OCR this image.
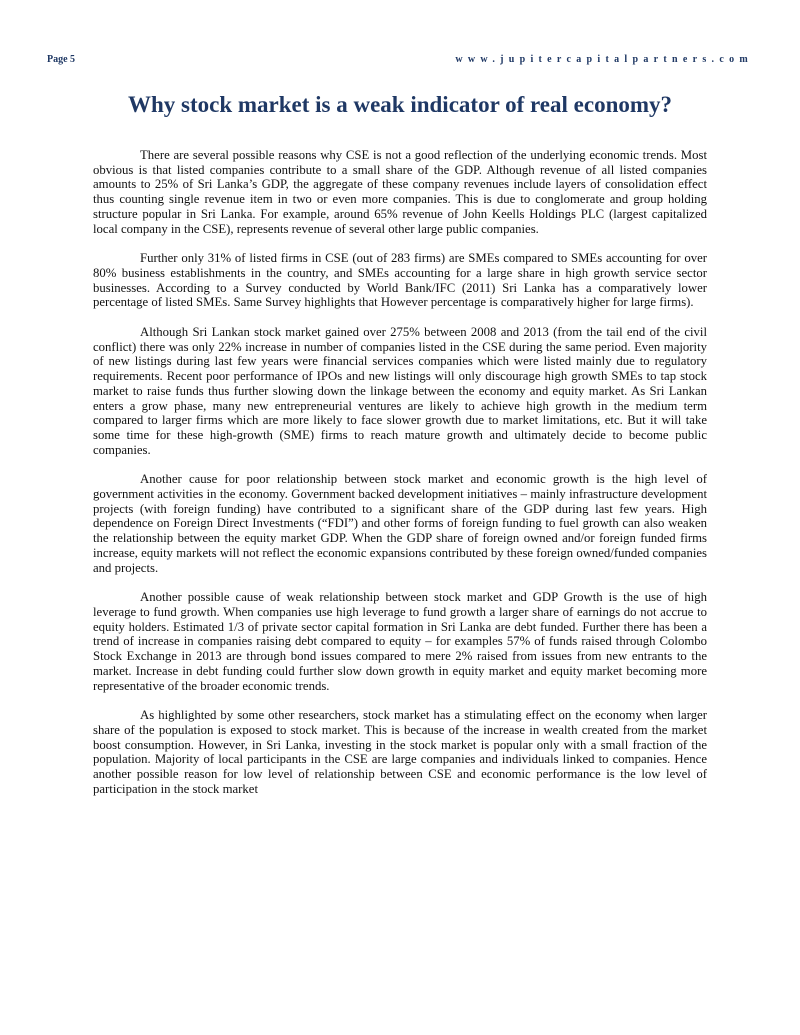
Page 5	www.jupitercapitalpartners.com
Why stock market is a weak indicator of real economy?

There are several possible reasons why CSE is not a good reflection of the underlying economic trends. Most obvious is that listed companies contribute to a small share of the GDP. Although revenue of all listed companies amounts to 25% of Sri Lanka’s GDP, the aggregate of these company revenues include layers of consolidation effect thus counting single revenue item in two or even more companies. This is due to conglomerate and group holding structure popular in Sri Lanka. For example, around 65% revenue of John Keells Holdings PLC (largest capitalized local company in the CSE), represents revenue of several other large public companies.

Further only 31% of listed firms in CSE (out of 283 firms) are SMEs compared to SMEs accounting for over 80% business establishments in the country, and SMEs accounting for a large share in high growth service sector businesses. According to a Survey conducted by World Bank/IFC (2011) Sri Lanka has a comparatively lower percentage of listed SMEs. Same Survey highlights that However percentage is comparatively higher for large firms).

Although Sri Lankan stock market gained over 275% between 2008 and 2013 (from the tail end of the civil conflict) there was only 22% increase in number of companies listed in the CSE during the same period. Even majority of new listings during last few years were financial services companies which were listed mainly due to regulatory requirements. Recent poor performance of IPOs and new listings will only discourage high growth SMEs to tap stock market to raise funds thus further slowing down the linkage between the economy and equity market. As Sri Lankan enters a grow phase, many new entrepreneurial ventures are likely to achieve high growth in the medium term compared to larger firms which are more likely to face slower growth due to market limitations, etc. But it will take some time for these high-growth (SME) firms to reach mature growth and ultimately decide to become public companies.

Another cause for poor relationship between stock market and economic growth is the high level of government activities in the economy. Government backed development initiatives – mainly infrastructure development projects (with foreign funding) have contributed to a significant share of the GDP during last few years. High dependence on Foreign Direct Investments (“FDI”) and other forms of foreign funding to fuel growth can also weaken the relationship between the equity market GDP. When the GDP share of foreign owned and/or foreign funded firms increase, equity markets will not reflect the economic expansions contributed by these foreign owned/funded companies and projects.

Another possible cause of weak relationship between stock market and GDP Growth is the use of high leverage to fund growth. When companies use high leverage to fund growth a larger share of earnings do not accrue to equity holders. Estimated 1/3 of private sector capital formation in Sri Lanka are debt funded. Further there has been a trend of increase in companies raising debt compared to equity – for examples 57% of funds raised through Colombo Stock Exchange in 2013 are through bond issues compared to mere 2% raised from issues from new entrants to the market. Increase in debt funding could further slow down growth in equity market and equity market becoming more representative of the broader economic trends.

As highlighted by some other researchers, stock market has a stimulating effect on the economy when larger share of the population is exposed to stock market. This is because of the increase in wealth created from the market boost consumption. However, in Sri Lanka, investing in the stock market is popular only with a small fraction of the population. Majority of local participants in the CSE are large companies and individuals linked to companies. Hence another possible reason for low level of relationship between CSE and economic performance is the low level of participation in the stock market
